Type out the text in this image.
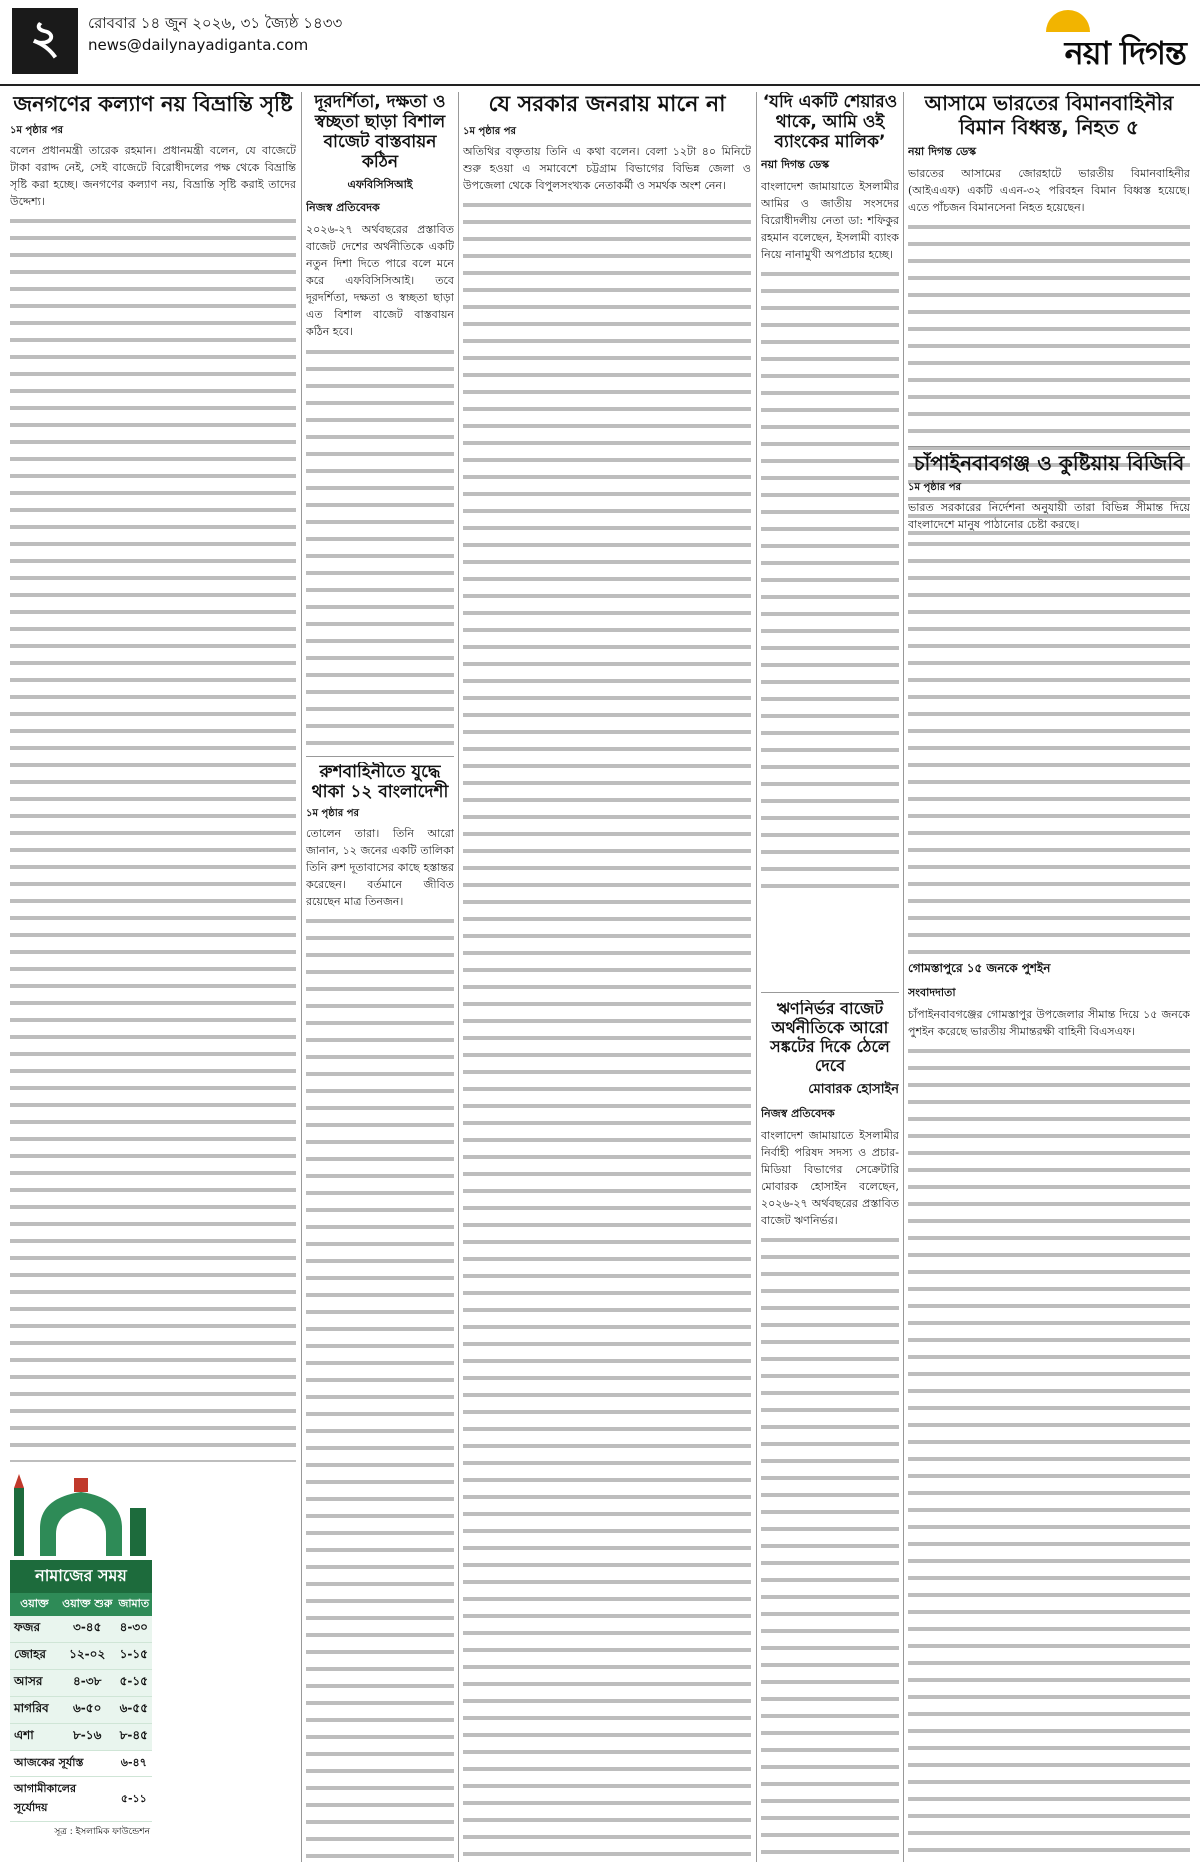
২	রোববার ১৪ জুন ২০২৬, ৩১ জ্যৈষ্ঠ ১৪৩৩
news@dailynayadiganta.com	নয়া দিগন্ত
জনগণের কল্যাণ নয় বিভ্রান্তি সৃষ্টি
১ম পৃষ্ঠার পর

বলেন প্রধানমন্ত্রী তারেক রহমান। প্রধানমন্ত্রী বলেন, যে বাজেটে টাকা বরাদ্দ নেই, সেই বাজেটে বিরোধীদলের পক্ষ থেকে বিভ্রান্তি সৃষ্টি করা হচ্ছে। জনগণের কল্যাণ নয়, বিভ্রান্তি সৃষ্টি করাই তাদের উদ্দেশ্য।

নামাজের সময়
ওয়াক্ত	ওয়াক্ত শুরু	জামাত
ফজর	৩-৪৫	৪-৩০
জোহর	১২-০২	১-১৫
আসর	৪-৩৮	৫-১৫
মাগরিব	৬-৫০	৬-৫৫
এশা	৮-১৬	৮-৪৫
আজকের সূর্যাস্ত		৬-৪৭
আগামীকালের সূর্যোদয়		৫-১১
সূত্র : ইসলামিক ফাউন্ডেশন
দূরদর্শিতা, দক্ষতা ও স্বচ্ছতা ছাড়া বিশাল বাজেট বাস্তবায়ন কঠিন
এফবিসিসিআই
নিজস্ব প্রতিবেদক

২০২৬-২৭ অর্থবছরের প্রস্তাবিত বাজেট দেশের অর্থনীতিকে একটি নতুন দিশা দিতে পারে বলে মনে করে এফবিসিসিআই। তবে দূরদর্শিতা, দক্ষতা ও স্বচ্ছতা ছাড়া এত বিশাল বাজেট বাস্তবায়ন কঠিন হবে।

যে সরকার জনরায় মানে না
১ম পৃষ্ঠার পর

অতিথির বক্তৃতায় তিনি এ কথা বলেন। বেলা ১২টা ৪০ মিনিটে শুরু হওয়া এ সমাবেশে চট্টগ্রাম বিভাগের বিভিন্ন জেলা ও উপজেলা থেকে বিপুলসংখ্যক নেতাকর্মী ও সমর্থক অংশ নেন।

রুশবাহিনীতে যুদ্ধে থাকা ১২ বাংলাদেশী
১ম পৃষ্ঠার পর

তোলেন তারা। তিনি আরো জানান, ১২ জনের একটি তালিকা তিনি রুশ দূতাবাসের কাছে হস্তান্তর করেছেন। বর্তমানে জীবিত রয়েছেন মাত্র তিনজন।

‘যদি একটি শেয়ারও থাকে, আমি ওই ব্যাংকের মালিক’
নয়া দিগন্ত ডেস্ক

বাংলাদেশ জামায়াতে ইসলামীর আমির ও জাতীয় সংসদের বিরোধীদলীয় নেতা ডা: শফিকুর রহমান বলেছেন, ইসলামী ব্যাংক নিয়ে নানামুখী অপপ্রচার হচ্ছে।

ঋণনির্ভর বাজেট অর্থনীতিকে আরো সঙ্কটের দিকে ঠেলে দেবে
মোবারক হোসাইন
নিজস্ব প্রতিবেদক

বাংলাদেশ জামায়াতে ইসলামীর নির্বাহী পরিষদ সদস্য ও প্রচার-মিডিয়া বিভাগের সেক্রেটারি মোবারক হোসাইন বলেছেন, ২০২৬-২৭ অর্থবছরের প্রস্তাবিত বাজেট ঋণনির্ভর।

আসামে ভারতের বিমানবাহিনীর বিমান বিধ্বস্ত, নিহত ৫
নয়া দিগন্ত ডেস্ক

ভারতের আসামের জোরহাটে ভারতীয় বিমানবাহিনীর (আইএএফ) একটি এএন-৩২ পরিবহন বিমান বিধ্বস্ত হয়েছে। এতে পাঁচজন বিমানসেনা নিহত হয়েছেন।

চাঁপাইনবাবগঞ্জ ও কুষ্টিয়ায় বিজিবি
১ম পৃষ্ঠার পর

ভারত সরকারের নির্দেশনা অনুযায়ী তারা বিভিন্ন সীমান্ত দিয়ে বাংলাদেশে মানুষ পাঠানোর চেষ্টা করছে।

গোমস্তাপুরে ১৫ জনকে পুশইন
সংবাদদাতা

চাঁপাইনবাবগঞ্জের গোমস্তাপুর উপজেলার সীমান্ত দিয়ে ১৫ জনকে পুশইন করেছে ভারতীয় সীমান্তরক্ষী বাহিনী বিএসএফ।
